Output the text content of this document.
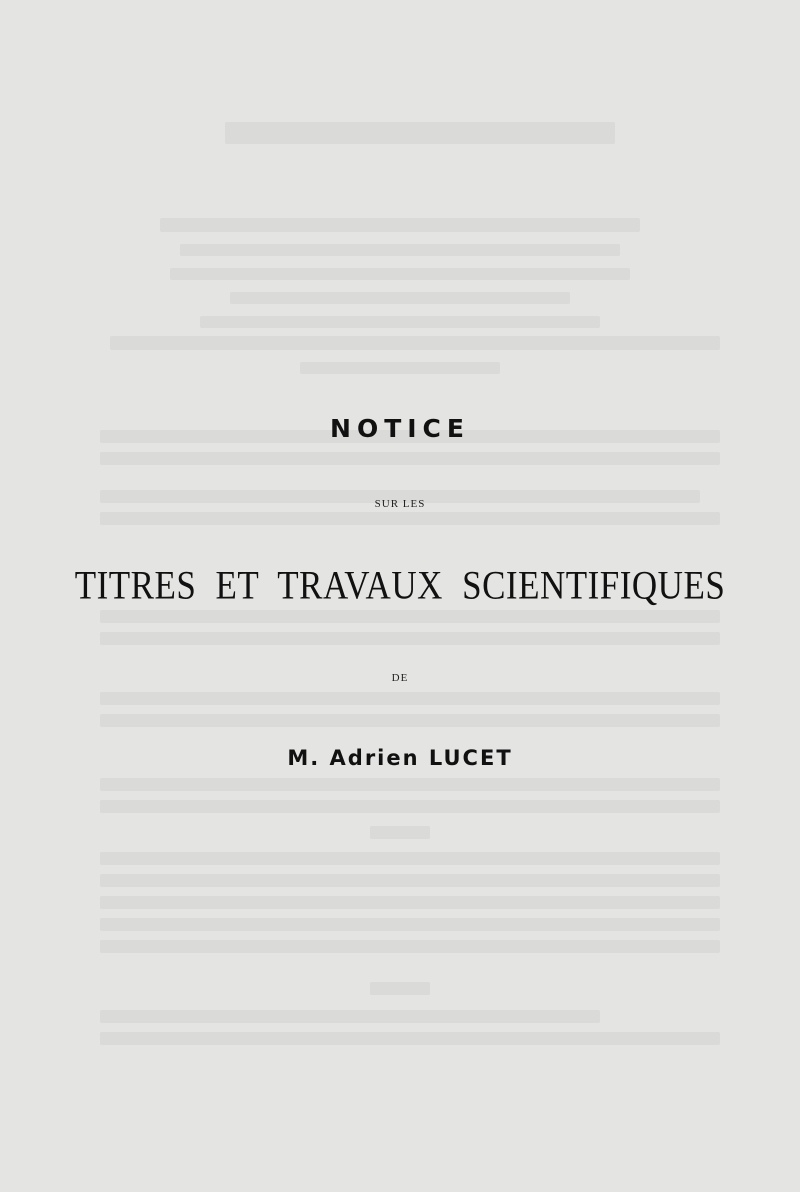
NOTICE
SUR LES
TITRES ET TRAVAUX SCIENTIFIQUES
DE
M. Adrien LUCET
